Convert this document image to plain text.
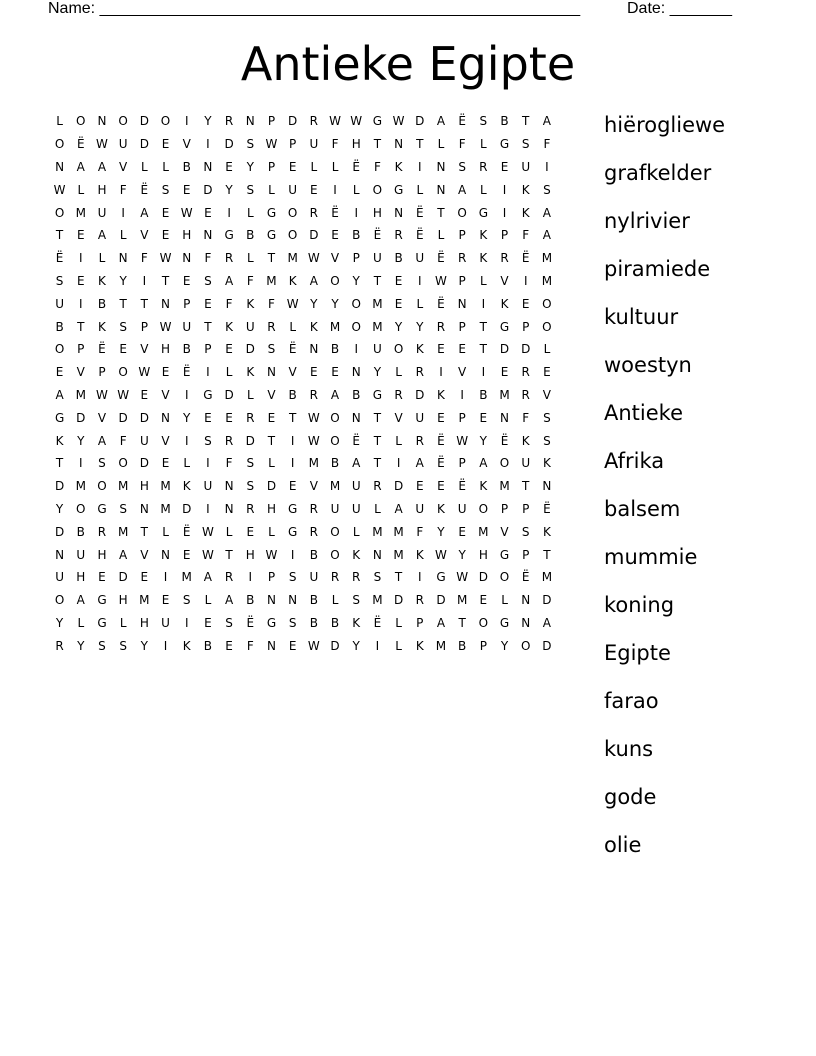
Name: ______________________________________________________	Date: _______
Antieke Egipte
L	O N O D O	I	Y	R	N	P	D	R W W G W D	A	Ë	S	B	T	A
O	Ë W U	D	E	V	I	D	S W P	U	F	H	T	N	T	L	F	L	G	S	F
N	A	A	V	L	L	B	N	E	Y	P	E	L	L	Ë	F	K	I	N	S	R	E	U	I
W L	H	F	Ë	S	E	D	Y	S	L	U	E	I	L	O G	L	N	A	L	I	K	S
O M U	I	A	E W E	I	L	G O	R	Ë	I	H	N	Ë	T	O G	I	K	A
T	E	A	L	V	E	H	N	G	B	G O D	E	B	Ë	R	Ë	L	P	K	P	F	A
Ë	I	L	N	F W N	F	R	L	T	M W V	P	U	B	U	Ë	R	K	R	Ë	M
S	E	K	Y	I	T	E	S	A	F	M	K	A	O	Y	T	E	I	W P	L	V	I	M
U	I	B	T	T	N	P	E	F	K	F W Y	Y	O M	E	L	Ë	N	I	K	E	O
B	T	K	S	P W U	T	K	U	R	L	K	M O M	Y	Y	R	P	T	G	P	O
O	P	Ë	E	V	H	B	P	E	D	S	Ë	N	B	I	U	O	K	E	E	T	D D	L
E	V	P	O W E	Ë	I	L	K	N	V	E	E	N	Y	L	R	I	V	I	E	R	E
A M W W E	V	I	G D	L	V	B	R	A	B	G	R	D	K	I	B M R	V
G D	V	D D	N	Y	E	E	R	E	T W O N	T	V	U	E	P	E	N	F	S
K	Y	A	F	U	V	I	S	R	D	T	I	W O	Ë	T	L	R	Ë W Y	Ë	K	S
T	I	S	O D	E	L	I	F	S	L	I	M B	A	T	I	A	Ë	P	A	O	U	K
D M O M H M	K	U	N	S	D	E	V M U	R	D	E	E	Ë	K	M	T	N
Y	O G	S	N M D	I	N	R	H	G	R	U	U	L	A	U	K	U	O	P	P	Ë
D	B	R M	T	L	Ë W L	E	L	G	R	O	L	M M	F	Y	E	M V	S	K
N	U	H	A	V	N	E W T	H W	I	B	O	K	N M	K W Y	H	G	P	T
U	H	E	D	E	I	M A	R	I	P	S	U	R	R	S	T	I	G W D O	Ë	M
O	A	G	H M	E	S	L	A	B	N	N	B	L	S	M D	R	D M	E	L	N	D
Y	L	G	L	H	U	I	E	S	Ë	G	S	B	B	K	Ë	L	P	A	T	O G	N	A
R	Y	S	S	Y	I	K	B	E	F	N	E W D	Y	I	L	K	M B	P	Y	O D
hiërogliewe
grafkelder
nylrivier
piramiede
kultuur
woestyn
Antieke
Afrika
balsem
mummie
koning
Egipte
farao
kuns
gode
olie
